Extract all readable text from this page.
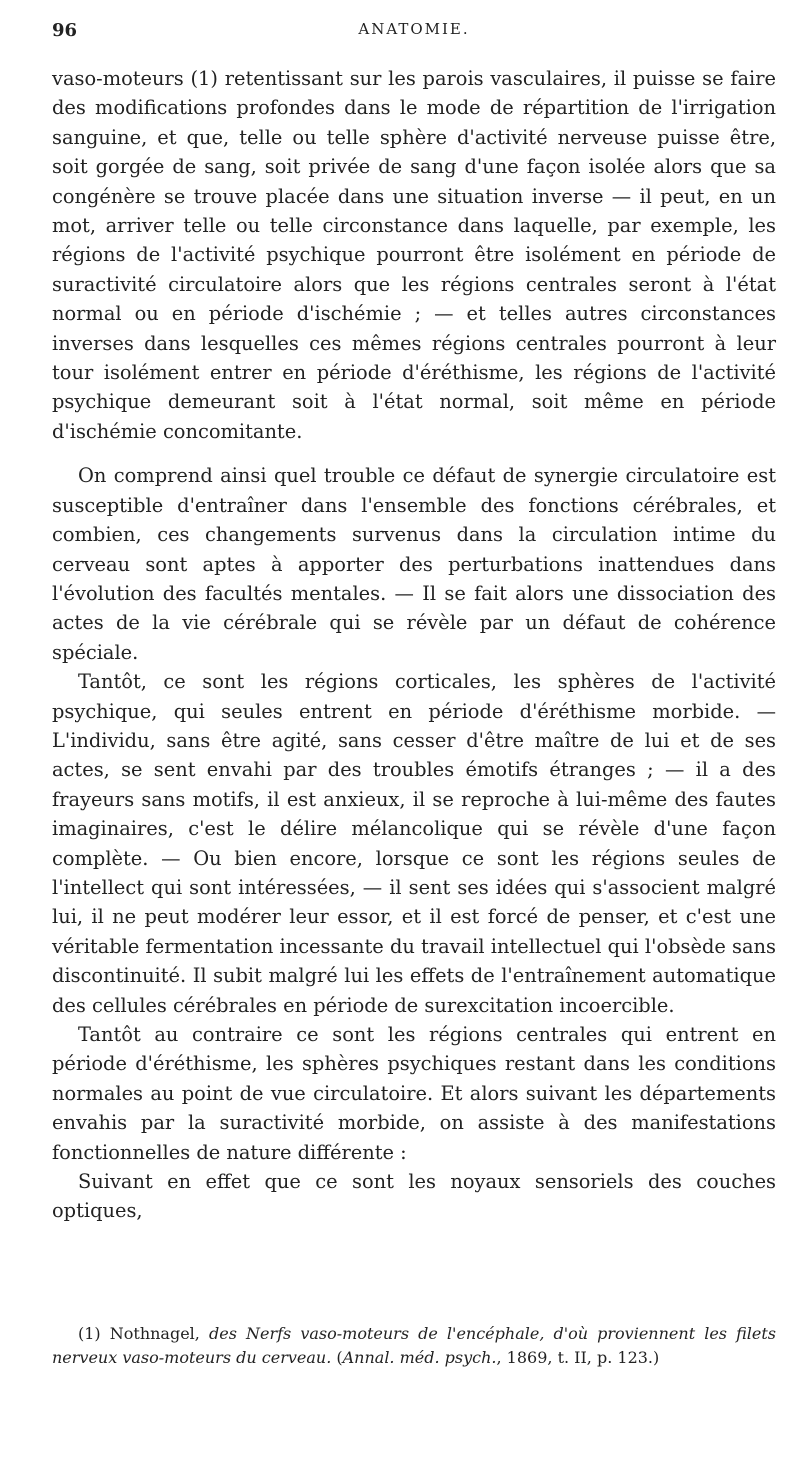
96	ANATOMIE.

vaso-moteurs (1) retentissant sur les parois vasculaires, il puisse se faire des modifications profondes dans le mode de répartition de l'irrigation sanguine, et que, telle ou telle sphère d'activité nerveuse puisse être, soit gorgée de sang, soit privée de sang d'une façon isolée alors que sa congénère se trouve placée dans une situation inverse — il peut, en un mot, arriver telle ou telle circonstance dans laquelle, par exemple, les régions de l'activité psychique pourront être isolément en période de suractivité circulatoire alors que les régions centrales seront à l'état normal ou en période d'ischémie ; — et telles autres circonstances inverses dans lesquelles ces mêmes régions centrales pourront à leur tour isolément entrer en période d'éréthisme, les régions de l'activité psychique demeurant soit à l'état normal, soit même en période d'ischémie concomitante.

On comprend ainsi quel trouble ce défaut de synergie circulatoire est susceptible d'entraîner dans l'ensemble des fonctions cérébrales, et combien, ces changements survenus dans la circulation intime du cerveau sont aptes à apporter des perturbations inattendues dans l'évolution des facultés mentales. — Il se fait alors une dissociation des actes de la vie cérébrale qui se révèle par un défaut de cohérence spéciale.

Tantôt, ce sont les régions corticales, les sphères de l'activité psychique, qui seules entrent en période d'éréthisme morbide. — L'individu, sans être agité, sans cesser d'être maître de lui et de ses actes, se sent envahi par des troubles émotifs étranges ; — il a des frayeurs sans motifs, il est anxieux, il se reproche à lui-même des fautes imaginaires, c'est le délire mélancolique qui se révèle d'une façon complète. — Ou bien encore, lorsque ce sont les régions seules de l'intellect qui sont intéressées, — il sent ses idées qui s'associent malgré lui, il ne peut modérer leur essor, et il est forcé de penser, et c'est une véritable fermentation incessante du travail intellectuel qui l'obsède sans discontinuité. Il subit malgré lui les effets de l'entraînement automatique des cellules cérébrales en période de surexcitation incoercible.

Tantôt au contraire ce sont les régions centrales qui entrent en période d'éréthisme, les sphères psychiques restant dans les conditions normales au point de vue circulatoire. Et alors suivant les départements envahis par la suractivité morbide, on assiste à des manifestations fonctionnelles de nature différente :

Suivant en effet que ce sont les noyaux sensoriels des couches optiques,

(1) Nothnagel, des Nerfs vaso-moteurs de l'encéphale, d'où proviennent les filets nerveux vaso-moteurs du cerveau. (Annal. méd. psych., 1869, t. II, p. 123.)
